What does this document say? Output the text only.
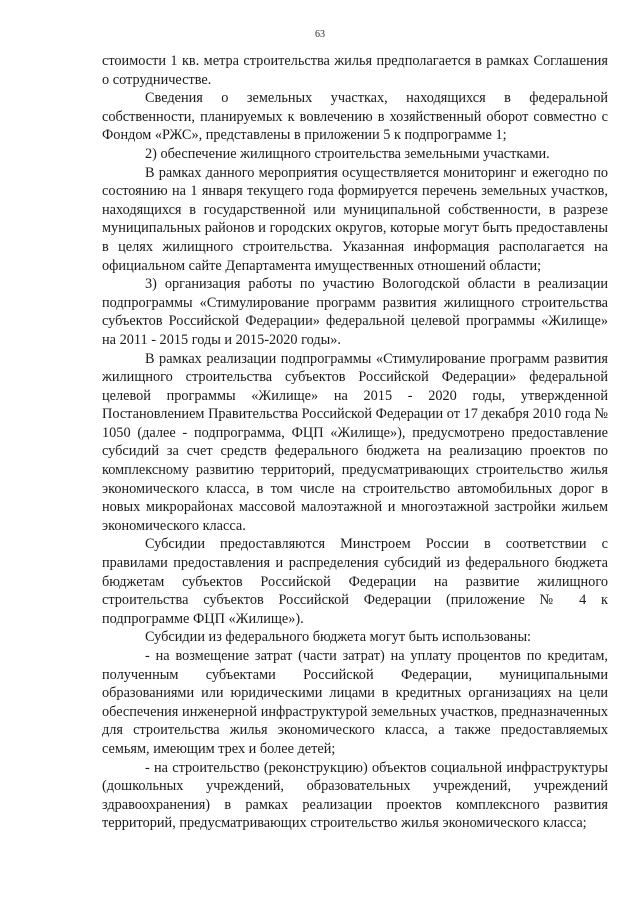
63

стоимости 1 кв. метра строительства жилья предполагается в рамках Соглашения о сотрудничестве.

Сведения о земельных участках, находящихся в федеральной собственности, планируемых к вовлечению в хозяйственный оборот совместно с Фондом «РЖС», представлены в приложении 5 к подпрограмме 1;

2) обеспечение жилищного строительства земельными участками.

В рамках данного мероприятия осуществляется мониторинг и ежегодно по состоянию на 1 января текущего года формируется перечень земельных участков, находящихся в государственной или муниципальной собственности, в разрезе муниципальных районов и городских округов, которые могут быть предоставлены в целях жилищного строительства. Указанная информация располагается на официальном сайте Департамента имущественных отношений области;

3) организация работы по участию Вологодской области в реализации подпрограммы «Стимулирование программ развития жилищного строительства субъектов Российской Федерации» федеральной целевой программы «Жилище» на 2011 - 2015 годы и 2015-2020 годы».

В рамках реализации подпрограммы «Стимулирование программ развития жилищного строительства субъектов Российской Федерации» федеральной целевой программы «Жилище» на 2015 - 2020 годы, утвержденной Постановлением Правительства Российской Федерации от 17 декабря 2010 года № 1050 (далее - подпрограмма, ФЦП «Жилище»), предусмотрено предоставление субсидий за счет средств федерального бюджета на реализацию проектов по комплексному развитию территорий, предусматривающих строительство жилья экономического класса, в том числе на строительство автомобильных дорог в новых микрорайонах массовой малоэтажной и многоэтажной застройки жильем экономического класса.

Субсидии предоставляются Минстроем России в соответствии с правилами предоставления и распределения субсидий из федерального бюджета бюджетам субъектов Российской Федерации на развитие жилищного строительства субъектов Российской Федерации (приложение № 4 к подпрограмме ФЦП «Жилище»).

Субсидии из федерального бюджета могут быть использованы:

- на возмещение затрат (части затрат) на уплату процентов по кредитам, полученным субъектами Российской Федерации, муниципальными образованиями или юридическими лицами в кредитных организациях на цели обеспечения инженерной инфраструктурой земельных участков, предназначенных для строительства жилья экономического класса, а также предоставляемых семьям, имеющим трех и более детей;

- на строительство (реконструкцию) объектов социальной инфраструктуры (дошкольных учреждений, образовательных учреждений, учреждений здравоохранения) в рамках реализации проектов комплексного развития территорий, предусматривающих строительство жилья экономического класса;
